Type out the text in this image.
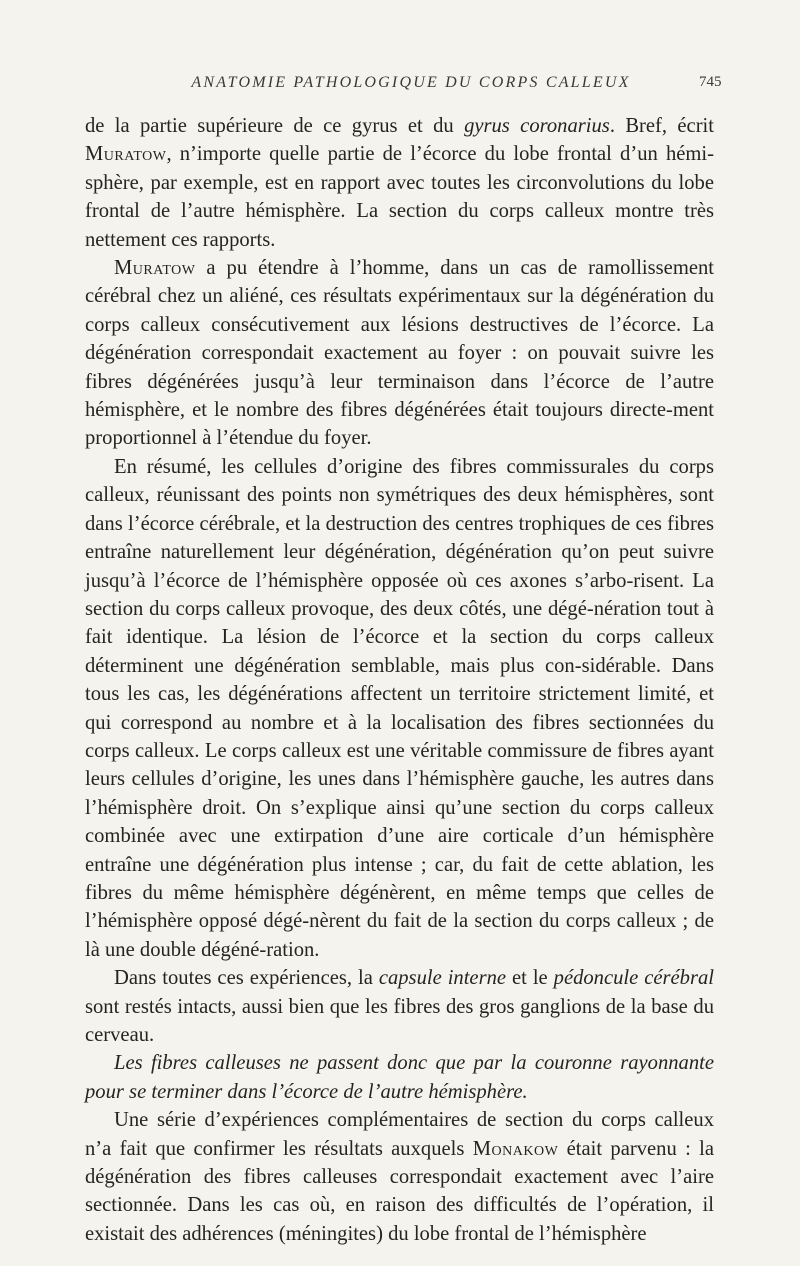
ANATOMIE PATHOLOGIQUE DU CORPS CALLEUX	745

de la partie supérieure de ce gyrus et du gyrus coronarius. Bref, écrit Muratow, n’importe quelle partie de l’écorce du lobe frontal d’un hémi-sphère, par exemple, est en rapport avec toutes les circonvolutions du lobe frontal de l’autre hémisphère. La section du corps calleux montre très nettement ces rapports.

Muratow a pu étendre à l’homme, dans un cas de ramollissement cérébral chez un aliéné, ces résultats expérimentaux sur la dégénération du corps calleux consécutivement aux lésions destructives de l’écorce. La dégénération correspondait exactement au foyer : on pouvait suivre les fibres dégénérées jusqu’à leur terminaison dans l’écorce de l’autre hémisphère, et le nombre des fibres dégénérées était toujours directe-ment proportionnel à l’étendue du foyer.

En résumé, les cellules d’origine des fibres commissurales du corps calleux, réunissant des points non symétriques des deux hémisphères, sont dans l’écorce cérébrale, et la destruction des centres trophiques de ces fibres entraîne naturellement leur dégénération, dégénération qu’on peut suivre jusqu’à l’écorce de l’hémisphère opposée où ces axones s’arbo-risent. La section du corps calleux provoque, des deux côtés, une dégé-nération tout à fait identique. La lésion de l’écorce et la section du corps calleux déterminent une dégénération semblable, mais plus con-sidérable. Dans tous les cas, les dégénérations affectent un territoire strictement limité, et qui correspond au nombre et à la localisation des fibres sectionnées du corps calleux. Le corps calleux est une véritable commissure de fibres ayant leurs cellules d’origine, les unes dans l’hémisphère gauche, les autres dans l’hémisphère droit. On s’explique ainsi qu’une section du corps calleux combinée avec une extirpation d’une aire corticale d’un hémisphère entraîne une dégénération plus intense ; car, du fait de cette ablation, les fibres du même hémisphère dégénèrent, en même temps que celles de l’hémisphère opposé dégé-nèrent du fait de la section du corps calleux ; de là une double dégéné-ration.

Dans toutes ces expériences, la capsule interne et le pédoncule cérébral sont restés intacts, aussi bien que les fibres des gros ganglions de la base du cerveau.

Les fibres calleuses ne passent donc que par la couronne rayonnante pour se terminer dans l’écorce de l’autre hémisphère.

Une série d’expériences complémentaires de section du corps calleux n’a fait que confirmer les résultats auxquels Monakow était parvenu : la dégénération des fibres calleuses correspondait exactement avec l’aire sectionnée. Dans les cas où, en raison des difficultés de l’opération, il existait des adhérences (méningites) du lobe frontal de l’hémisphère
